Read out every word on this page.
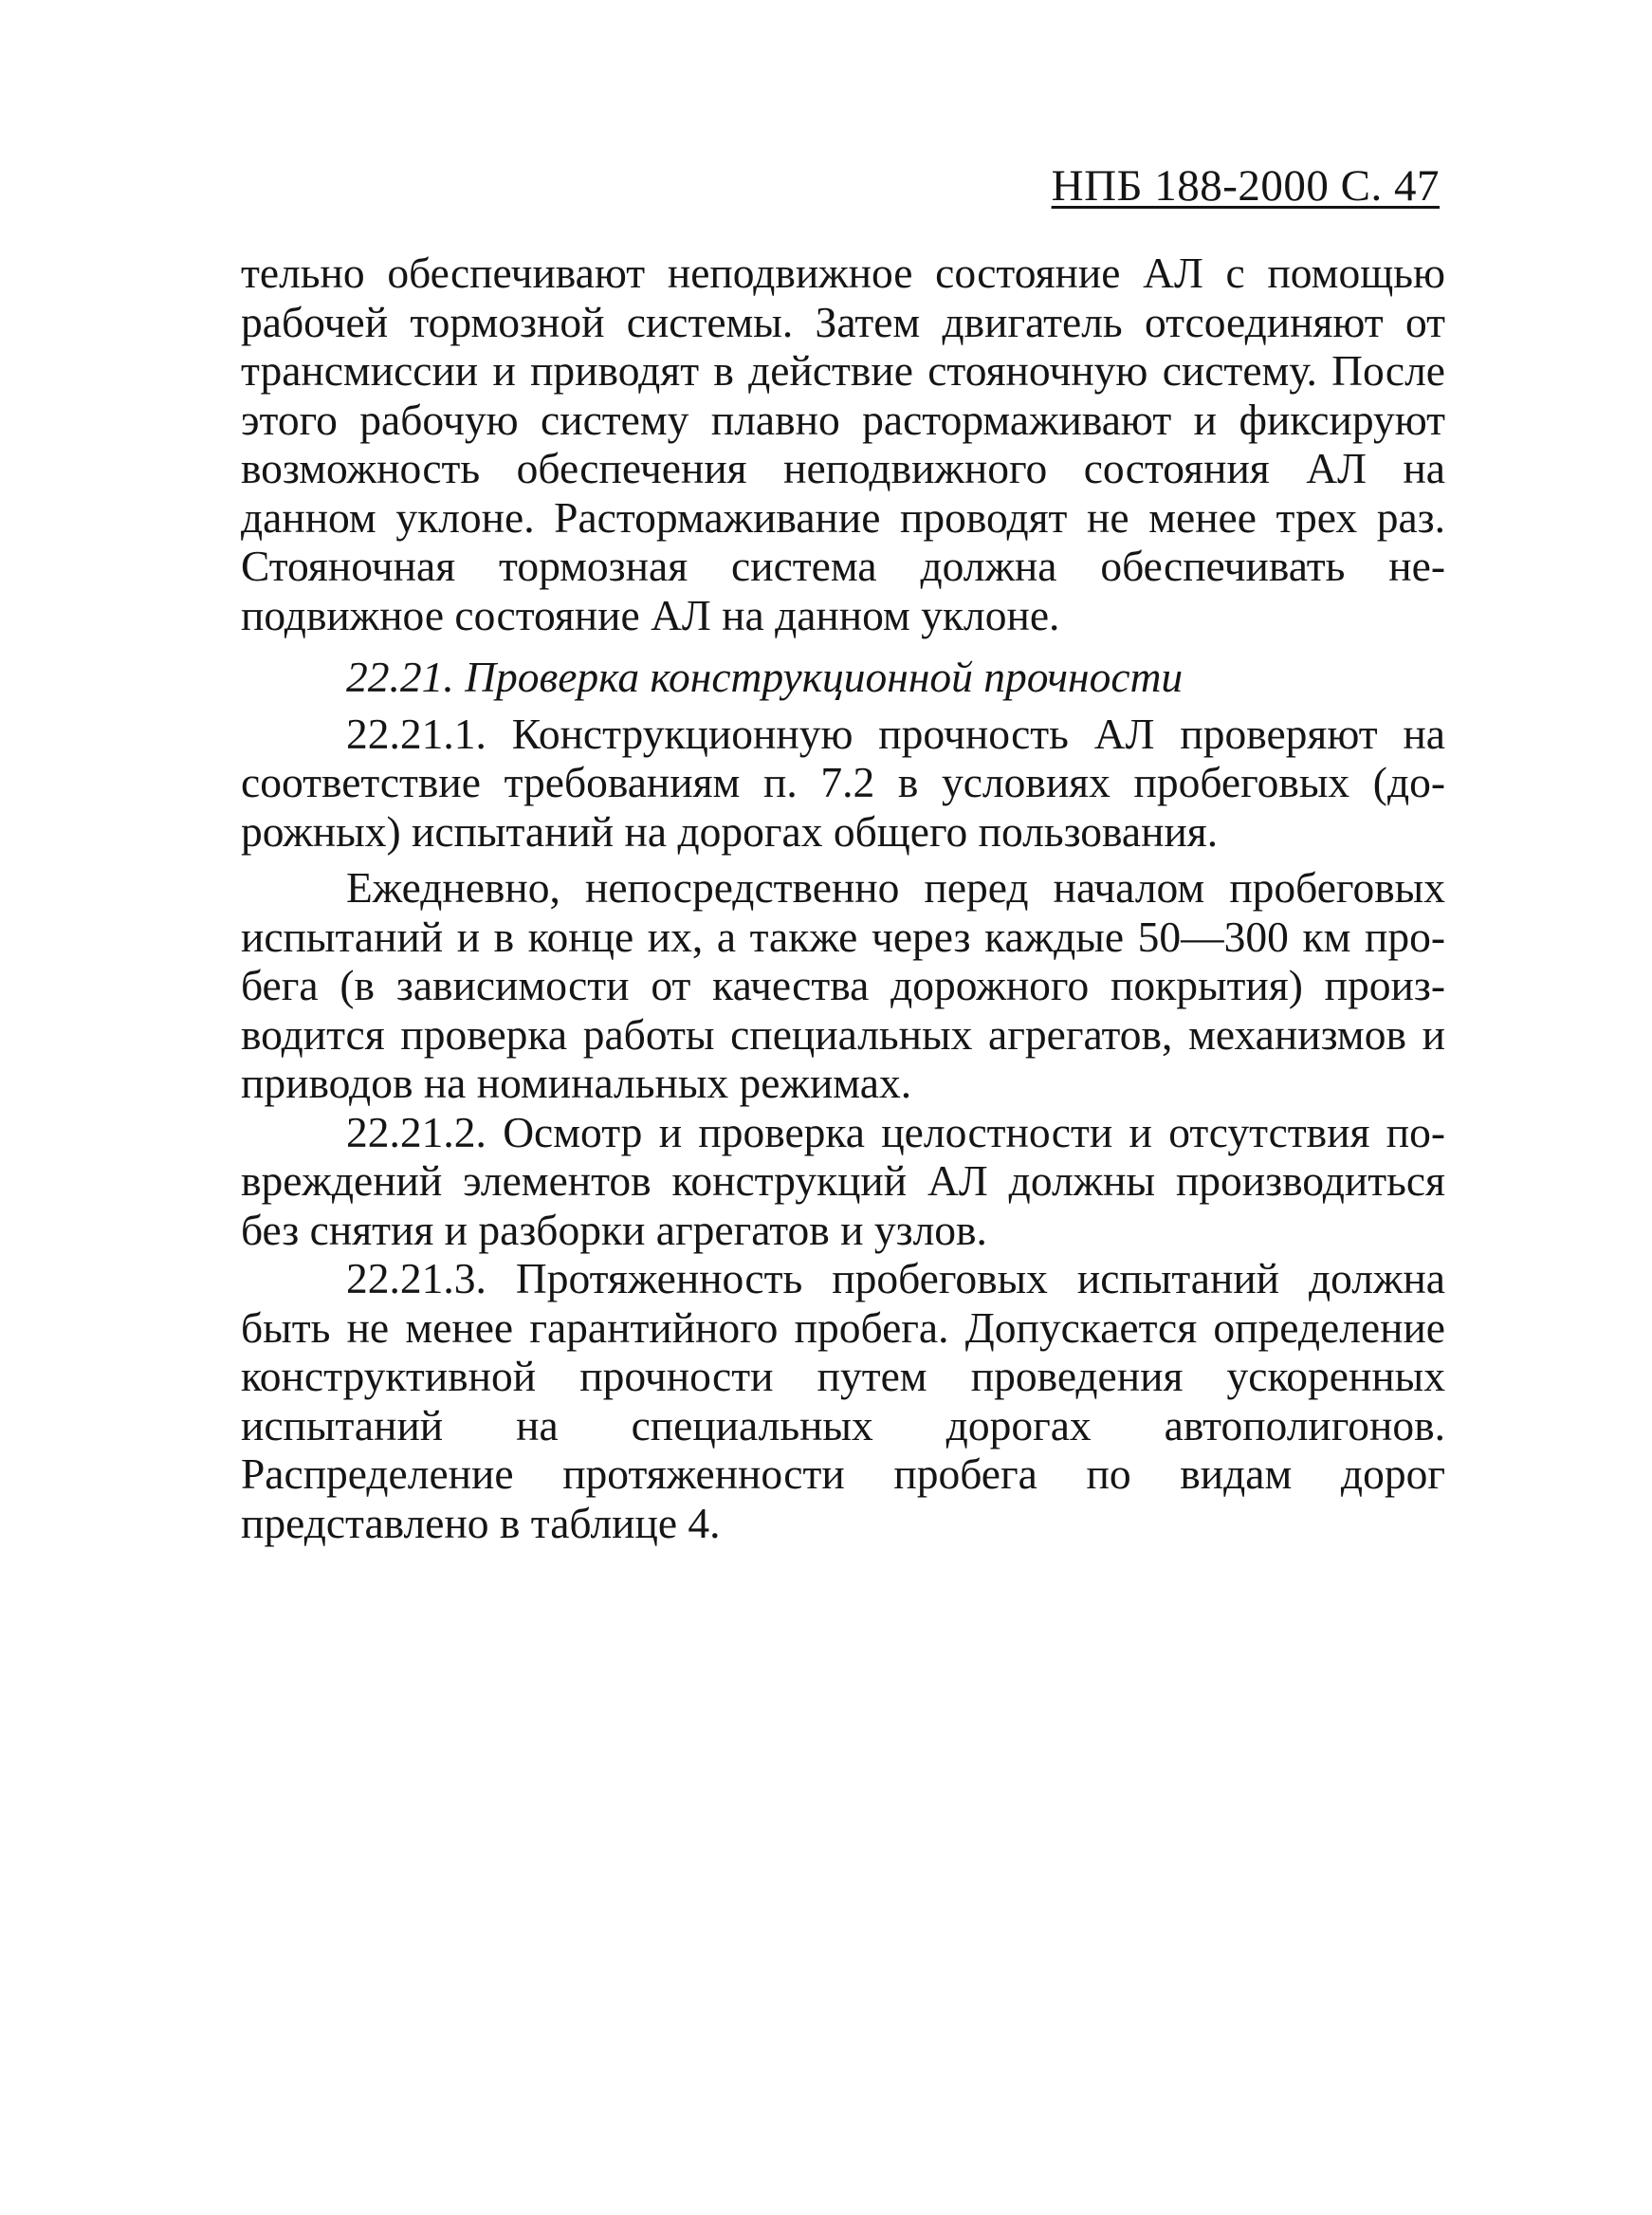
НПБ 188-2000 С. 47

тельно обеспечивают неподвижное состояние АЛ с помощью рабочей тормозной системы. Затем двигатель отсоединяют от трансмиссии и приводят в действие стояночную систему. После этого рабочую систему плавно растормаживают и фиксируют возможность обеспечения неподвижного состояния АЛ на данном уклоне. Растормаживание проводят не менее трех раз. Стояночная тормозная система должна обеспечивать неподвижное состояние АЛ на данном уклоне.

22.21. Проверка конструкционной прочности

22.21.1. Конструкционную прочность АЛ проверяют на соответствие требованиям п. 7.2 в условиях пробеговых (дорожных) испытаний на дорогах общего пользования.

Ежедневно, непосредственно перед началом пробеговых испытаний и в конце их, а также через каждые 50—300 км пробега (в зависимости от качества дорожного покрытия) производится проверка работы специальных агрегатов, механизмов и приводов на номинальных режимах.

22.21.2. Осмотр и проверка целостности и отсутствия повреждений элементов конструкций АЛ должны производиться без снятия и разборки агрегатов и узлов.

22.21.3. Протяженность пробеговых испытаний должна быть не менее гарантийного пробега. Допускается определение конструктивной прочности путем проведения ускоренных испытаний на специальных дорогах автополигонов. Распределение протяженности пробега по видам дорог представлено в таблице 4.
